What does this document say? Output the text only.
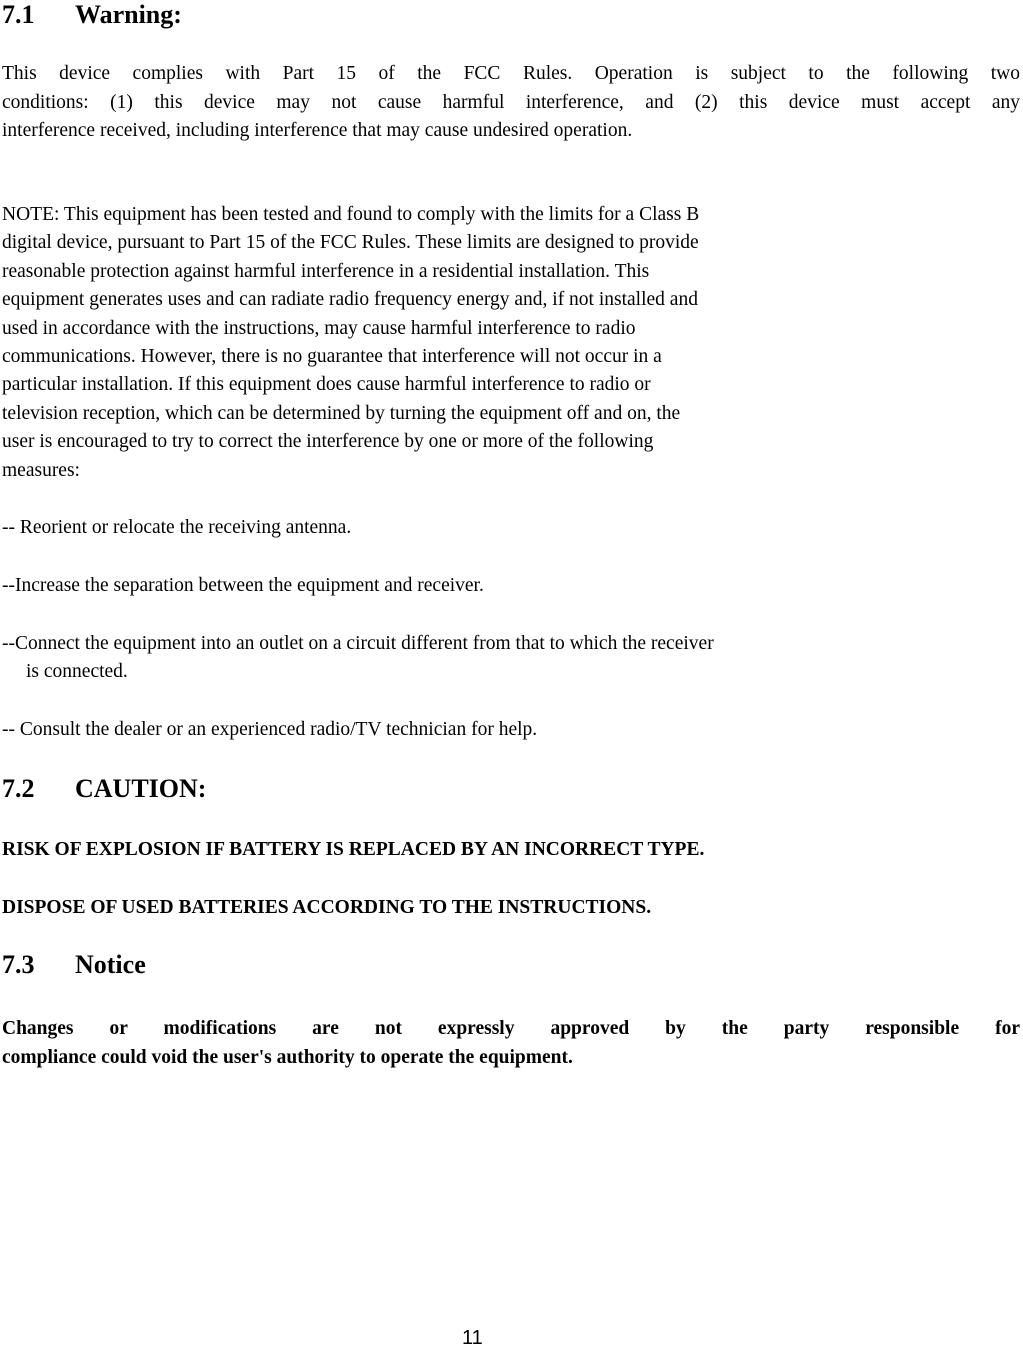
7.1 Warning:
This device complies with Part 15 of the FCC Rules. Operation is subject to the following two
conditions: (1) this device may not cause harmful interference, and (2) this device must accept any
interference received, including interference that may cause undesired operation.
NOTE: This equipment has been tested and found to comply with the limits for a Class B
digital device, pursuant to Part 15 of the FCC Rules. These limits are designed to provide
reasonable protection against harmful interference in a residential installation. This
equipment generates uses and can radiate radio frequency energy and, if not installed and
used in accordance with the instructions, may cause harmful interference to radio
communications. However, there is no guarantee that interference will not occur in a
particular installation. If this equipment does cause harmful interference to radio or
television reception, which can be determined by turning the equipment off and on, the
user is encouraged to try to correct the interference by one or more of the following
measures:
-- Reorient or relocate the receiving antenna.
--Increase the separation between the equipment and receiver.
--Connect the equipment into an outlet on a circuit different from that to which the receiver
is connected.
-- Consult the dealer or an experienced radio/TV technician for help.
7.2 CAUTION:
RISK OF EXPLOSION IF BATTERY IS REPLACED BY AN INCORRECT TYPE.
DISPOSE OF USED BATTERIES ACCORDING TO THE INSTRUCTIONS.
7.3 Notice
Changes or modifications are not expressly approved by the party responsible for
compliance could void the user's authority to operate the equipment.
11
